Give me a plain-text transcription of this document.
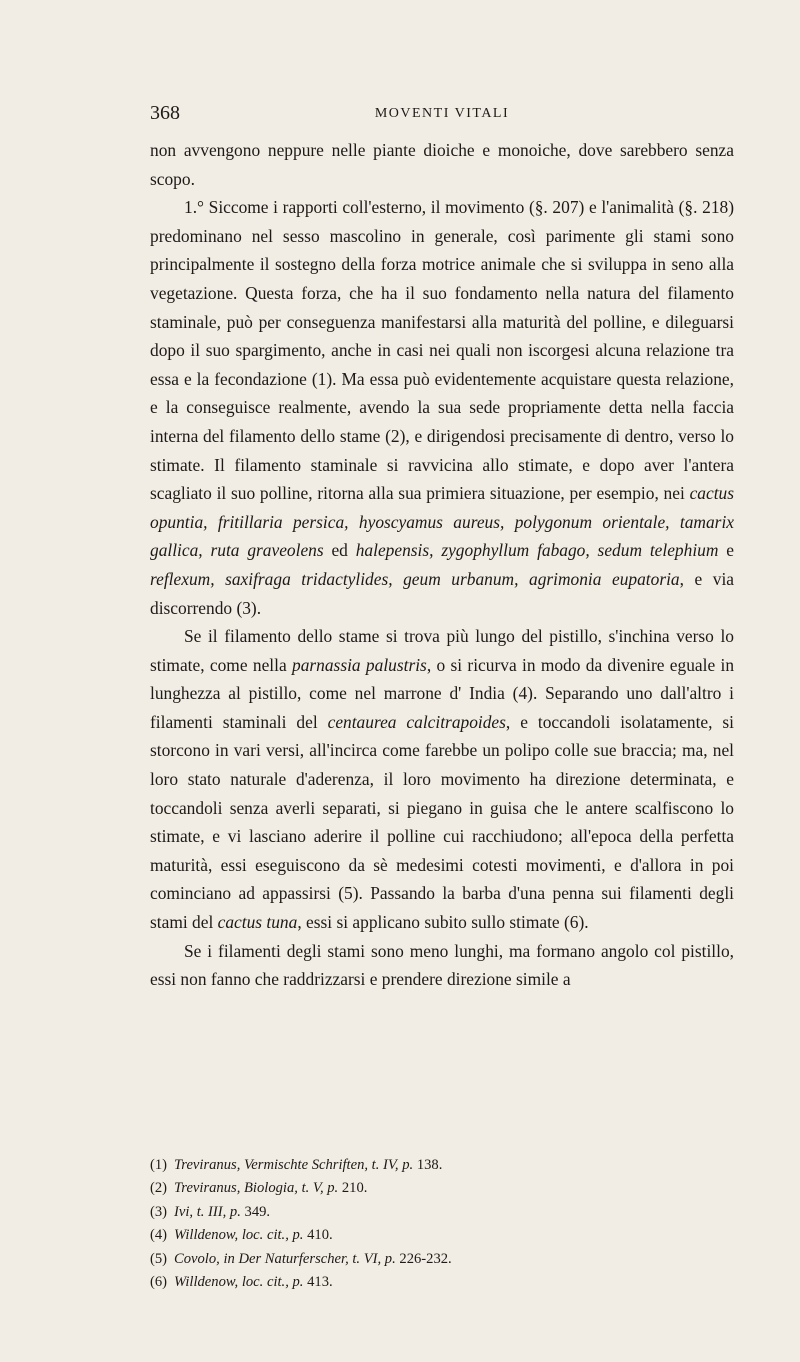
368	MOVENTI VITALI

non avvengono neppure nelle piante dioiche e monoiche, dove sarebbero senza scopo.

1.° Siccome i rapporti coll'esterno, il movimento (§. 207) e l'animalità (§. 218) predominano nel sesso mascolino in generale, così parimente gli stami sono principalmente il sostegno della forza motrice animale che si sviluppa in seno alla vegetazione. Questa forza, che ha il suo fondamento nella natura del filamento staminale, può per conseguenza manifestarsi alla maturità del polline, e dileguarsi dopo il suo spargimento, anche in casi nei quali non iscorgesi alcuna relazione tra essa e la fecondazione (1). Ma essa può evidentemente acquistare questa relazione, e la conseguisce realmente, avendo la sua sede propriamente detta nella faccia interna del filamento dello stame (2), e dirigendosi precisamente di dentro, verso lo stimate. Il filamento staminale si ravvicina allo stimate, e dopo aver l'antera scagliato il suo polline, ritorna alla sua primiera situazione, per esempio, nei cactus opuntia, fritillaria persica, hyoscyamus aureus, polygonum orientale, tamarix gallica, ruta graveolens ed halepensis, zygophyllum fabago, sedum telephium e reflexum, saxifraga tridactylides, geum urbanum, agrimonia eupatoria, e via discorrendo (3).

Se il filamento dello stame si trova più lungo del pistillo, s'inchina verso lo stimate, come nella parnassia palustris, o si ricurva in modo da divenire eguale in lunghezza al pistillo, come nel marrone d' India (4). Separando uno dall'altro i filamenti staminali del centaurea calcitrapoides, e toccandoli isolatamente, si storcono in vari versi, all'incirca come farebbe un polipo colle sue braccia; ma, nel loro stato naturale d'aderenza, il loro movimento ha direzione determinata, e toccandoli senza averli separati, si piegano in guisa che le antere scalfiscono lo stimate, e vi lasciano aderire il polline cui racchiudono; all'epoca della perfetta maturità, essi eseguiscono da sè medesimi cotesti movimenti, e d'allora in poi cominciano ad appassirsi (5). Passando la barba d'una penna sui filamenti degli stami del cactus tuna, essi si applicano subito sullo stimate (6).

Se i filamenti degli stami sono meno lunghi, ma formano angolo col pistillo, essi non fanno che raddrizzarsi e prendere direzione simile a

(1) Treviranus, Vermischte Schriften, t. IV, p. 138.
(2) Treviranus, Biologia, t. V, p. 210.
(3) Ivi, t. III, p. 349.
(4) Willdenow, loc. cit., p. 410.
(5) Covolo, in Der Naturferscher, t. VI, p. 226-232.
(6) Willdenow, loc. cit., p. 413.
